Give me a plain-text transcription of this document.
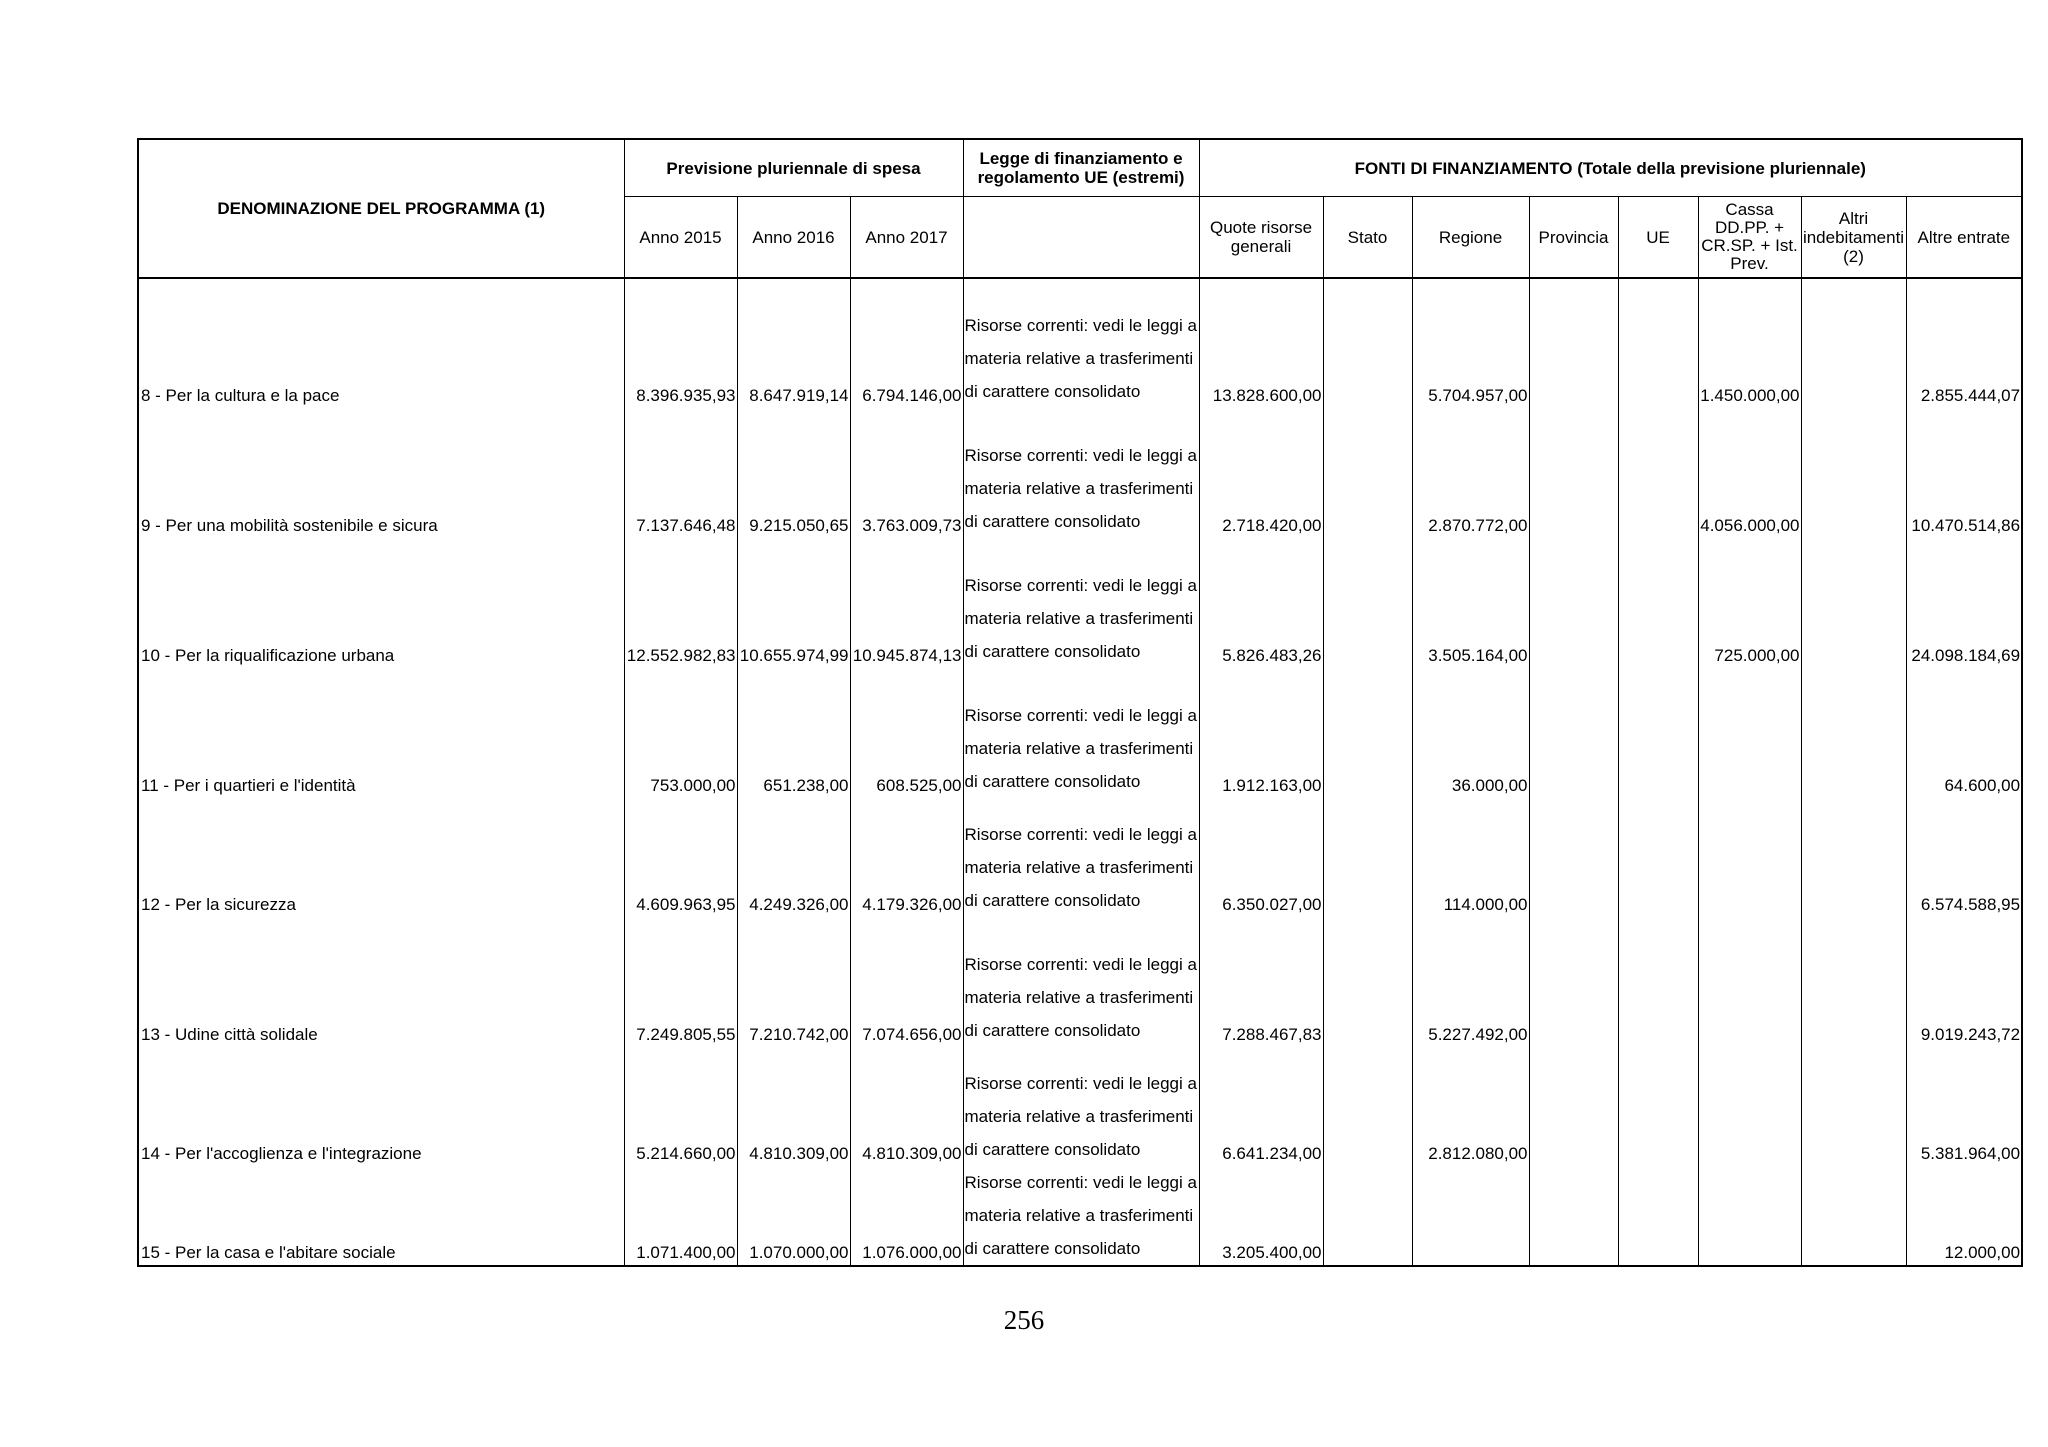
DENOMINAZIONE DEL PROGRAMMA (1)	Previsione pluriennale di spesa			Legge di finanziamento e
regolamento UE (estremi)	FONTI DI FINANZIAMENTO (Totale della previsione pluriennale)							
	Anno 2015	Anno 2016	Anno 2017		Quote risorse
generali	Stato	Regione	Provincia	UE	Cassa
DD.PP. +
CR.SP. + Ist.
Prev.	Altri
indebitamenti
(2)	Altre entrate
8 - Per la cultura e la pace	8.396.935,93	8.647.919,14	6.794.146,00	Risorse correnti: vedi le leggi a
materia relative a trasferimenti
di carattere consolidato	13.828.600,00		5.704.957,00			1.450.000,00		2.855.444,07
9 - Per una mobilità sostenibile e sicura	7.137.646,48	9.215.050,65	3.763.009,73	Risorse correnti: vedi le leggi a
materia relative a trasferimenti
di carattere consolidato	2.718.420,00		2.870.772,00			4.056.000,00		10.470.514,86
10 - Per la riqualificazione urbana	12.552.982,83	10.655.974,99	10.945.874,13	Risorse correnti: vedi le leggi a
materia relative a trasferimenti
di carattere consolidato	5.826.483,26		3.505.164,00			725.000,00		24.098.184,69
11 - Per i quartieri e l'identità	753.000,00	651.238,00	608.525,00	Risorse correnti: vedi le leggi a
materia relative a trasferimenti
di carattere consolidato	1.912.163,00		36.000,00					64.600,00
12 - Per la sicurezza	4.609.963,95	4.249.326,00	4.179.326,00	Risorse correnti: vedi le leggi a
materia relative a trasferimenti
di carattere consolidato	6.350.027,00		114.000,00					6.574.588,95
13 - Udine città solidale	7.249.805,55	7.210.742,00	7.074.656,00	Risorse correnti: vedi le leggi a
materia relative a trasferimenti
di carattere consolidato	7.288.467,83		5.227.492,00					9.019.243,72
14 - Per l'accoglienza e l'integrazione	5.214.660,00	4.810.309,00	4.810.309,00	Risorse correnti: vedi le leggi a
materia relative a trasferimenti
di carattere consolidato	6.641.234,00		2.812.080,00					5.381.964,00
15 - Per la casa e l'abitare sociale	1.071.400,00	1.070.000,00	1.076.000,00	Risorse correnti: vedi le leggi a
materia relative a trasferimenti
di carattere consolidato	3.205.400,00							12.000,00
256
